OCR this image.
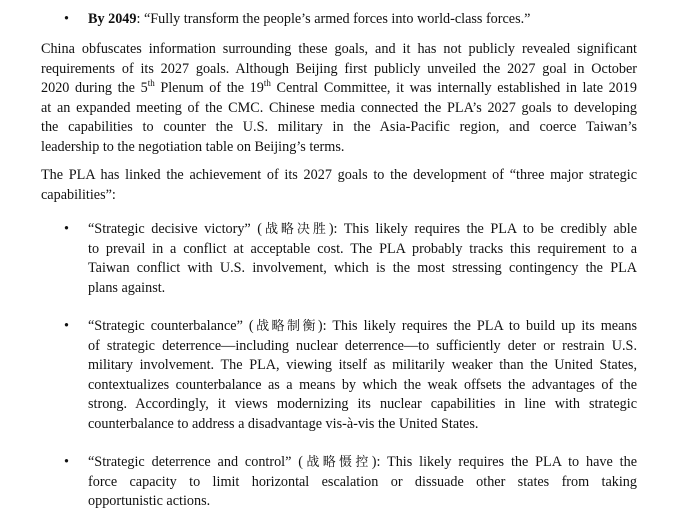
•	By 2049: “Fully transform the people’s armed forces into world-class forces.”
China obfuscates information surrounding these goals, and it has not publicly revealed significant
requirements of its 2027 goals. Although Beijing first publicly unveiled the 2027 goal in October
2020 during the 5th Plenum of the 19th Central Committee, it was internally established in late 2019
at an expanded meeting of the CMC. Chinese media connected the PLA’s 2027 goals to developing
the capabilities to counter the U.S. military in the Asia-Pacific region, and coerce Taiwan’s
leadership to the negotiation table on Beijing’s terms.
The PLA has linked the achievement of its 2027 goals to the development of “three major strategic
capabilities”:
•	“Strategic decisive victory” (战略决胜): This likely requires the PLA to be credibly able
to prevail in a conflict at acceptable cost. The PLA probably tracks this requirement to a
Taiwan conflict with U.S. involvement, which is the most stressing contingency the PLA
plans against.
•	“Strategic counterbalance” (战略制衡): This likely requires the PLA to build up its means
of strategic deterrence—including nuclear deterrence—to sufficiently deter or restrain U.S.
military involvement. The PLA, viewing itself as militarily weaker than the United States,
contextualizes counterbalance as a means by which the weak offsets the advantages of the
strong. Accordingly, it views modernizing its nuclear capabilities in line with strategic
counterbalance to address a disadvantage vis-à-vis the United States.
•	“Strategic deterrence and control” (战略慑控): This likely requires the PLA to have the
force capacity to limit horizontal escalation or dissuade other states from taking
opportunistic actions.
